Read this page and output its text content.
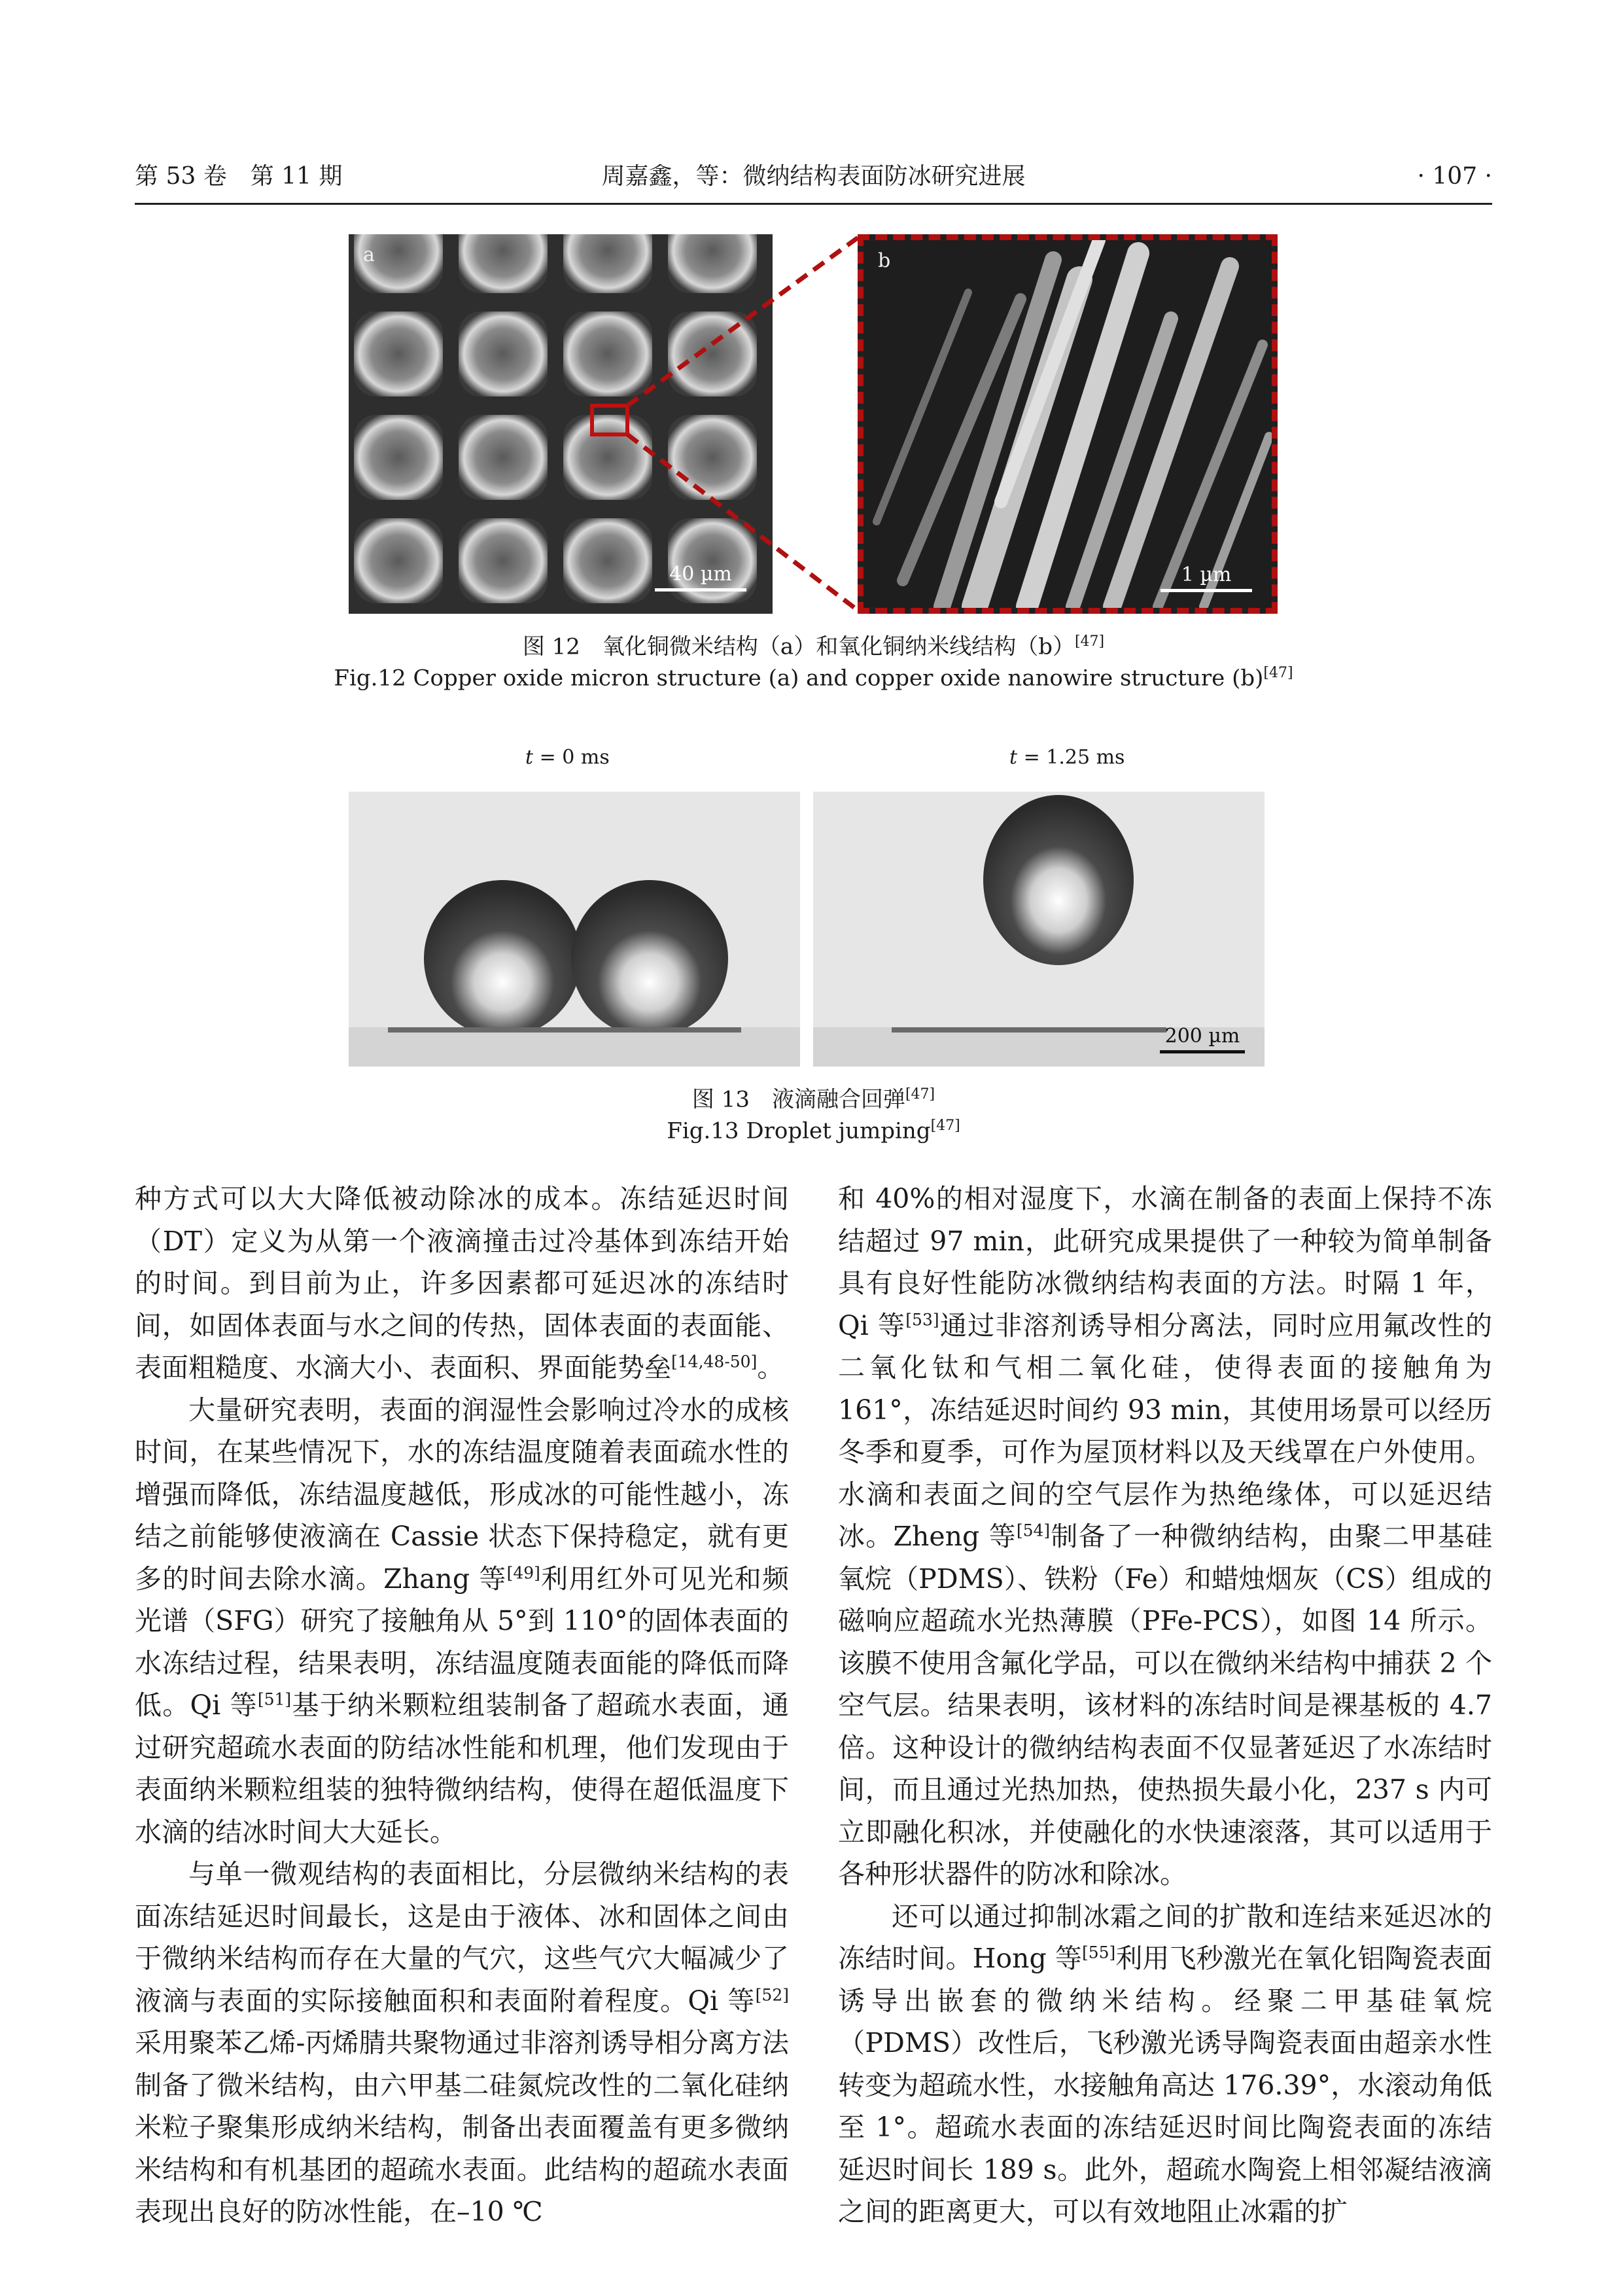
第 53 卷　第 11 期	周嘉鑫，等：微纳结构表面防冰研究进展	· 107 ·
a
40 µm
b
1 µm
图 12　氧化铜微米结构（a）和氧化铜纳米线结构（b）[47]
Fig.12 Copper oxide micron structure (a) and copper oxide nanowire structure (b)[47]
t = 0 ms	t = 1.25 ms
200 µm
图 13　液滴融合回弹[47]
Fig.13 Droplet jumping[47]

种方式可以大大降低被动除冰的成本。冻结延迟时间（DT）定义为从第一个液滴撞击过冷基体到冻结开始的时间。到目前为止，许多因素都可延迟冰的冻结时间，如固体表面与水之间的传热，固体表面的表面能、表面粗糙度、水滴大小、表面积、界面能势垒[14,48-50]。

大量研究表明，表面的润湿性会影响过冷水的成核时间，在某些情况下，水的冻结温度随着表面疏水性的增强而降低，冻结温度越低，形成冰的可能性越小，冻结之前能够使液滴在 Cassie 状态下保持稳定，就有更多的时间去除水滴。Zhang 等[49]利用红外可见光和频光谱（SFG）研究了接触角从 5°到 110°的固体表面的水冻结过程，结果表明，冻结温度随表面能的降低而降低。Qi 等[51]基于纳米颗粒组装制备了超疏水表面，通过研究超疏水表面的防结冰性能和机理，他们发现由于表面纳米颗粒组装的独特微纳结构，使得在超低温度下水滴的结冰时间大大延长。

与单一微观结构的表面相比，分层微纳米结构的表面冻结延迟时间最长，这是由于液体、冰和固体之间由于微纳米结构而存在大量的气穴，这些气穴大幅减少了液滴与表面的实际接触面积和表面附着程度。Qi 等[52]采用聚苯乙烯-丙烯腈共聚物通过非溶剂诱导相分离方法制备了微米结构，由六甲基二硅氮烷改性的二氧化硅纳米粒子聚集形成纳米结构，制备出表面覆盖有更多微纳米结构和有机基团的超疏水表面。此结构的超疏水表面表现出良好的防冰性能，在–10 ℃

和 40%的相对湿度下，水滴在制备的表面上保持不冻结超过 97 min，此研究成果提供了一种较为简单制备具有良好性能防冰微纳结构表面的方法。时隔 1 年，Qi 等[53]通过非溶剂诱导相分离法，同时应用氟改性的二氧化钛和气相二氧化硅，使得表面的接触角为 161°，冻结延迟时间约 93 min，其使用场景可以经历冬季和夏季，可作为屋顶材料以及天线罩在户外使用。水滴和表面之间的空气层作为热绝缘体，可以延迟结冰。Zheng 等[54]制备了一种微纳结构，由聚二甲基硅氧烷（PDMS）、铁粉（Fe）和蜡烛烟灰（CS）组成的磁响应超疏水光热薄膜（PFe-PCS），如图 14 所示。该膜不使用含氟化学品，可以在微纳米结构中捕获 2 个空气层。结果表明，该材料的冻结时间是裸基板的 4.7 倍。这种设计的微纳结构表面不仅显著延迟了水冻结时间，而且通过光热加热，使热损失最小化，237 s 内可立即融化积冰，并使融化的水快速滚落，其可以适用于各种形状器件的防冰和除冰。

还可以通过抑制冰霜之间的扩散和连结来延迟冰的冻结时间。Hong 等[55]利用飞秒激光在氧化铝陶瓷表面诱导出嵌套的微纳米结构。经聚二甲基硅氧烷（PDMS）改性后，飞秒激光诱导陶瓷表面由超亲水性转变为超疏水性，水接触角高达 176.39°，水滚动角低至 1°。超疏水表面的冻结延迟时间比陶瓷表面的冻结延迟时间长 189 s。此外，超疏水陶瓷上相邻凝结液滴之间的距离更大，可以有效地阻止冰霜的扩
